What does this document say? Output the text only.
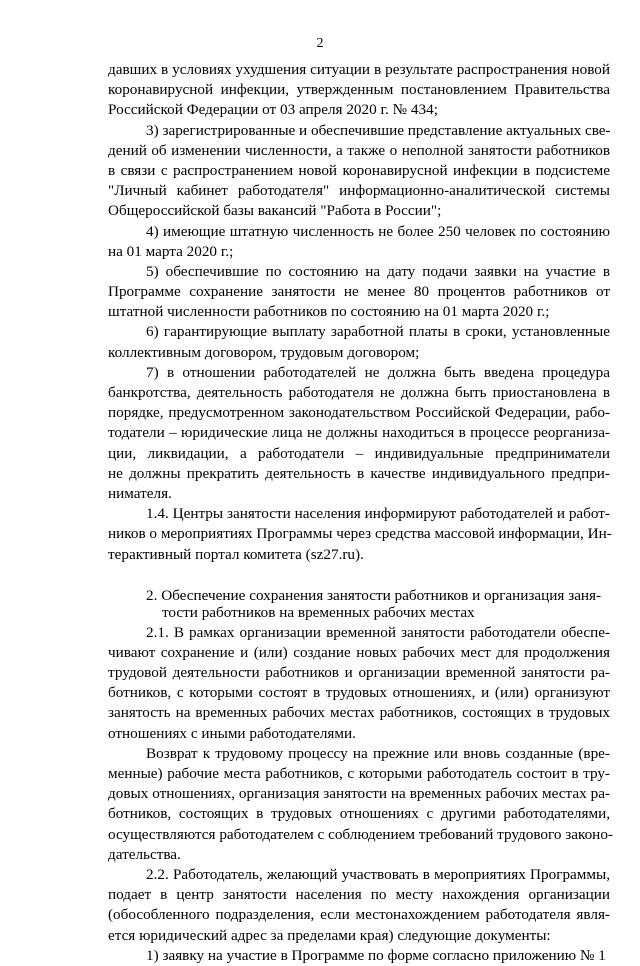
2
давших в условиях ухудшения ситуации в результате распространения новой
коронавирусной инфекции, утвержденным постановлением Правительства
Российской Федерации от 03 апреля 2020 г. № 434;
3) зарегистрированные и обеспечившие представление актуальных све-
дений об изменении численности, а также о неполной занятости работников
в связи с распространением новой коронавирусной инфекции в подсистеме
"Личный кабинет работодателя" информационно-аналитической системы
Общероссийской базы вакансий "Работа в России";
4) имеющие штатную численность не более 250 человек по состоянию
на 01 марта 2020 г.;
5) обеспечившие по состоянию на дату подачи заявки на участие в
Программе сохранение занятости не менее 80 процентов работников от
штатной численности работников по состоянию на 01 марта 2020 г.;
6) гарантирующие выплату заработной платы в сроки, установленные
коллективным договором, трудовым договором;
7) в отношении работодателей не должна быть введена процедура
банкротства, деятельность работодателя не должна быть приостановлена в
порядке, предусмотренном законодательством Российской Федерации, рабо-
тодатели – юридические лица не должны находиться в процессе реорганиза-
ции, ликвидации, а работодатели – индивидуальные предприниматели
не должны прекратить деятельность в качестве индивидуального предпри-
нимателя.
1.4. Центры занятости населения информируют работодателей и работ-
ников о мероприятиях Программы через средства массовой информации, Ин-
терактивный портал комитета (sz27.ru).
2. Обеспечение сохранения занятости работников и организация заня-
тости работников на временных рабочих местах
2.1. В рамках организации временной занятости работодатели обеспе-
чивают сохранение и (или) создание новых рабочих мест для продолжения
трудовой деятельности работников и организации временной занятости ра-
ботников, с которыми состоят в трудовых отношениях, и (или) организуют
занятость на временных рабочих местах работников, состоящих в трудовых
отношениях с иными работодателями.
Возврат к трудовому процессу на прежние или вновь созданные (вре-
менные) рабочие места работников, с которыми работодатель состоит в тру-
довых отношениях, организация занятости на временных рабочих местах ра-
ботников, состоящих в трудовых отношениях с другими работодателями,
осуществляются работодателем с соблюдением требований трудового законо-
дательства.
2.2. Работодатель, желающий участвовать в мероприятиях Программы,
подает в центр занятости населения по месту нахождения организации
(обособленного подразделения, если местонахождением работодателя явля-
ется юридический адрес за пределами края) следующие документы:
1) заявку на участие в Программе по форме согласно приложению № 1
